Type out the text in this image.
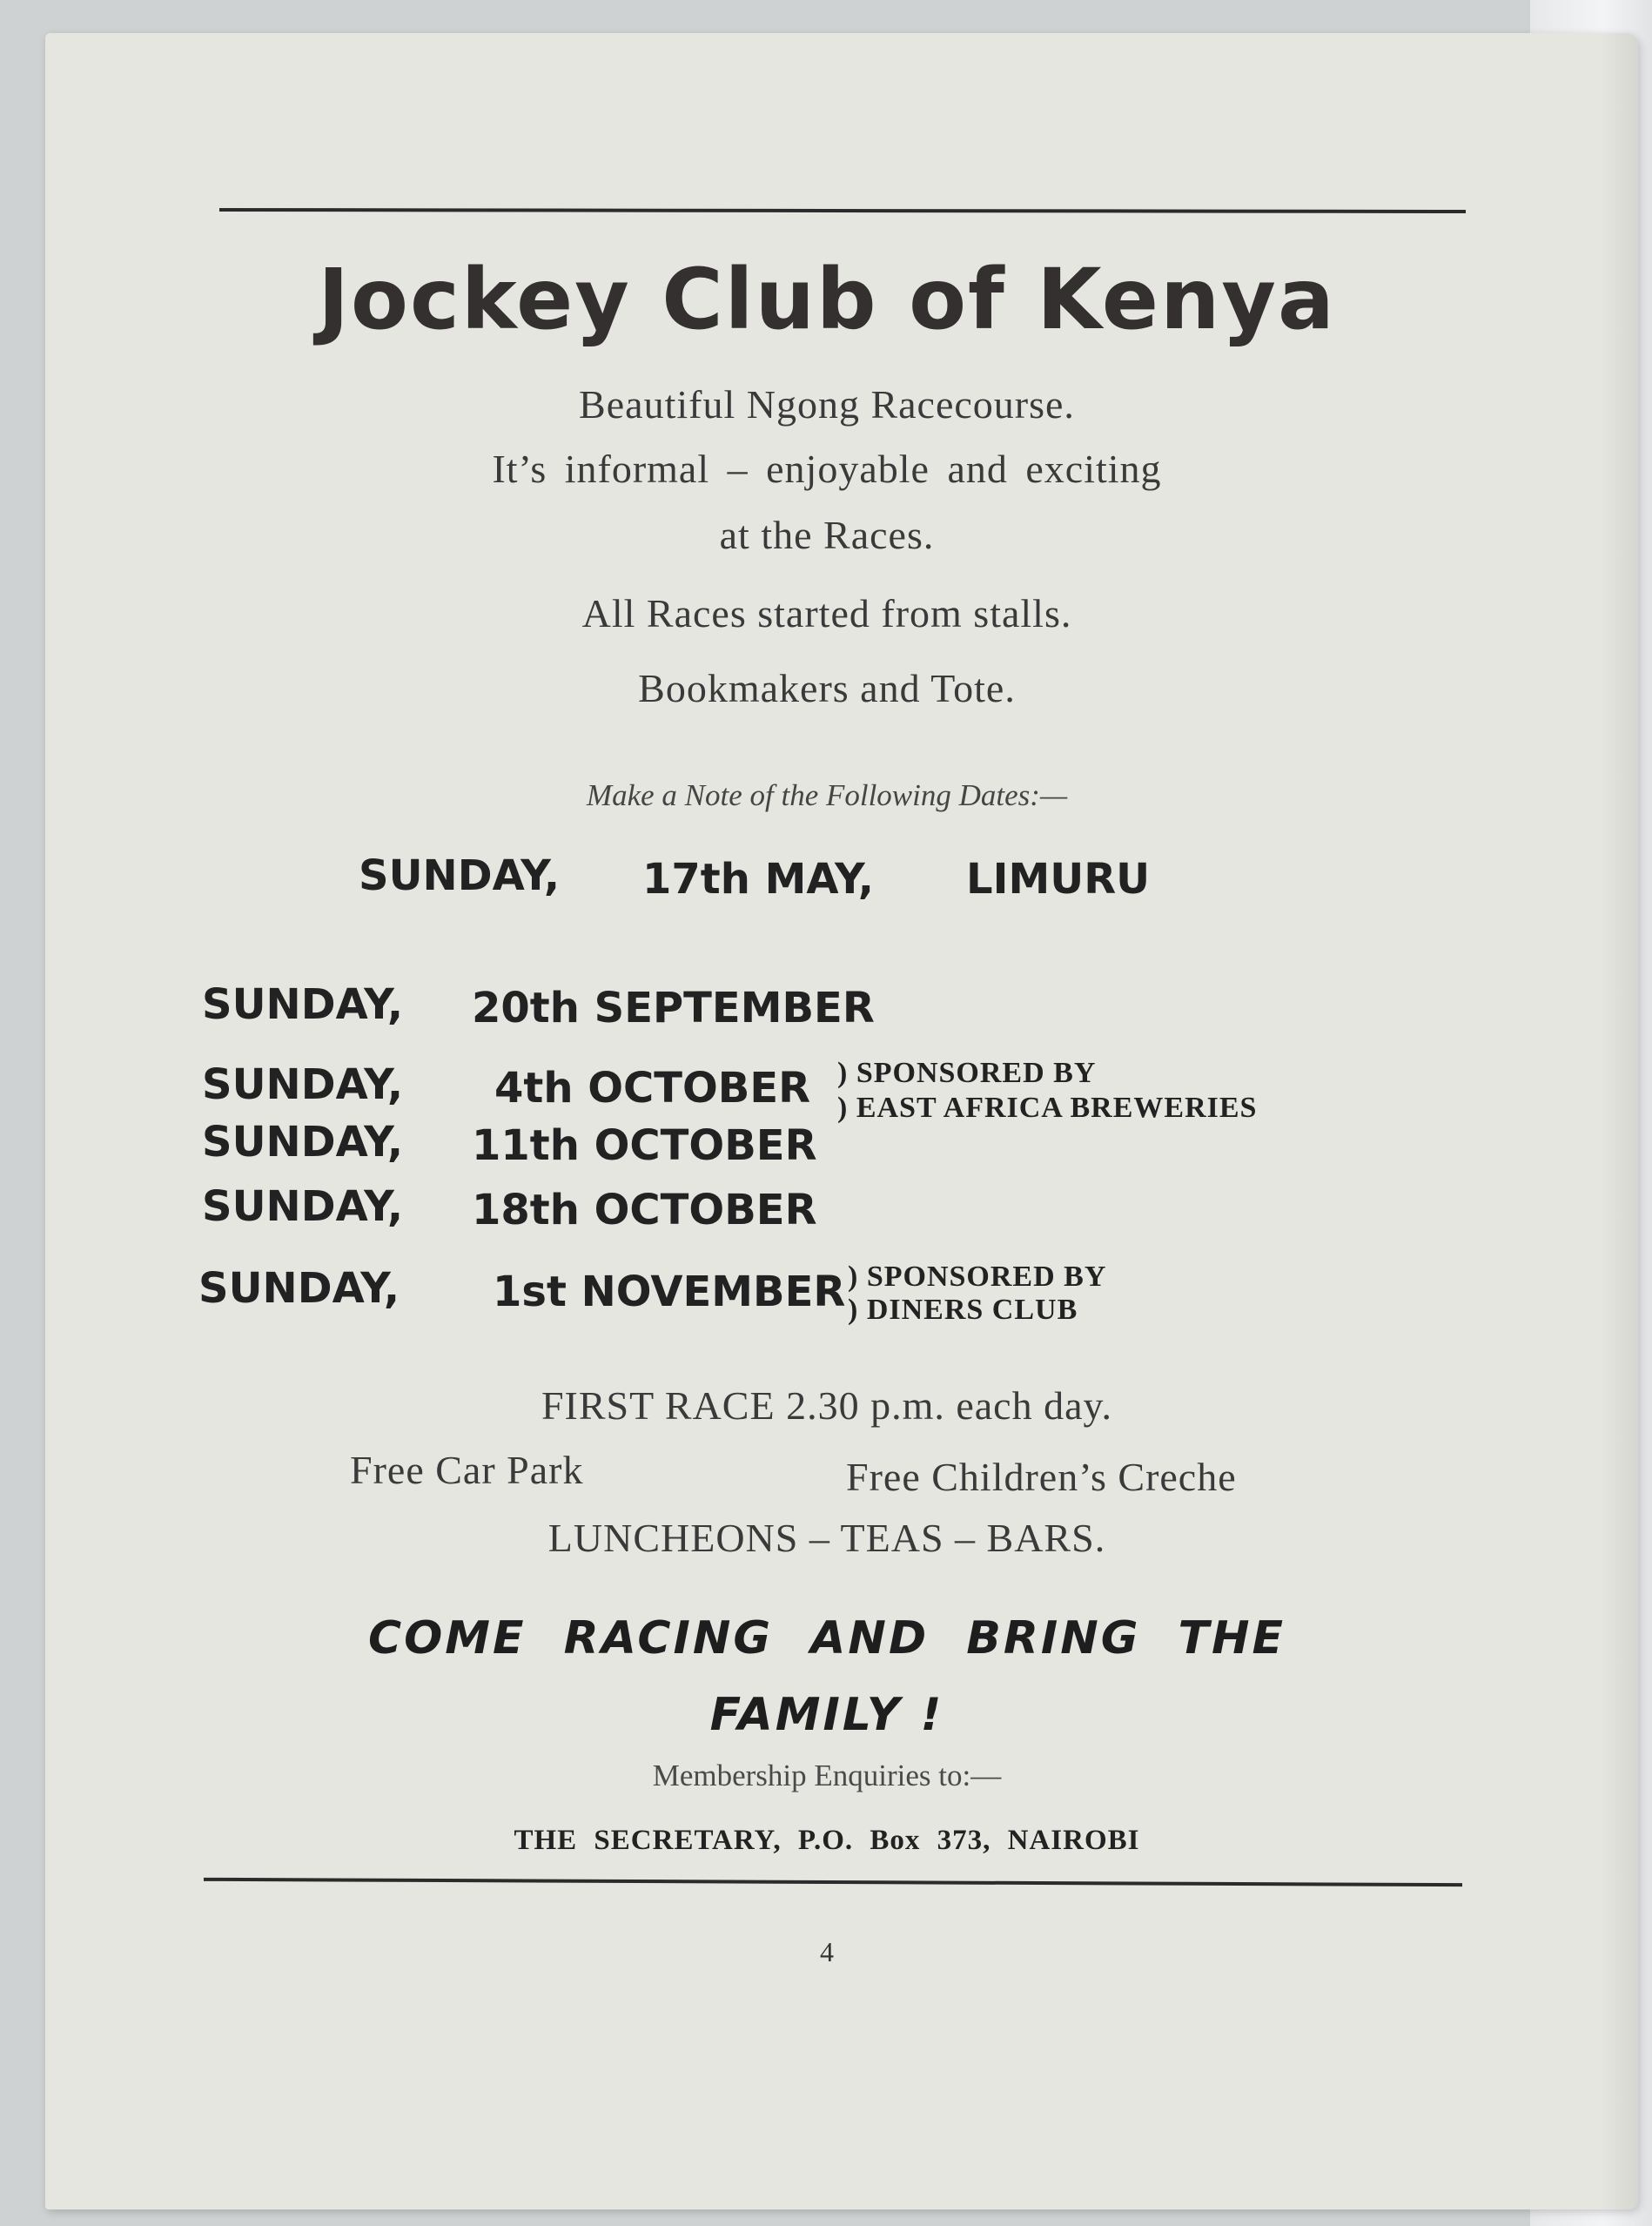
Jockey Club of Kenya
Beautiful Ngong Racecourse.
It’s informal – enjoyable and exciting
at the Races.
All Races started from stalls.
Bookmakers and Tote.
Make a Note of the Following Dates:—
SUNDAY, 17th MAY, LIMURU
SUNDAY, 20th SEPTEMBER
SUNDAY, 4th OCTOBER ) SPONSORED BY
) EAST AFRICA BREWERIES
SUNDAY, 11th OCTOBER
SUNDAY, 18th OCTOBER
SUNDAY, 1st NOVEMBER ) SPONSORED BY
) DINERS CLUB
FIRST RACE 2.30 p.m. each day.
Free Car Park	Free Children’s Creche
LUNCHEONS – TEAS – BARS.
COME RACING AND BRING THE
FAMILY !
Membership Enquiries to:—
THE SECRETARY, P.O. Box 373, NAIROBI
4
